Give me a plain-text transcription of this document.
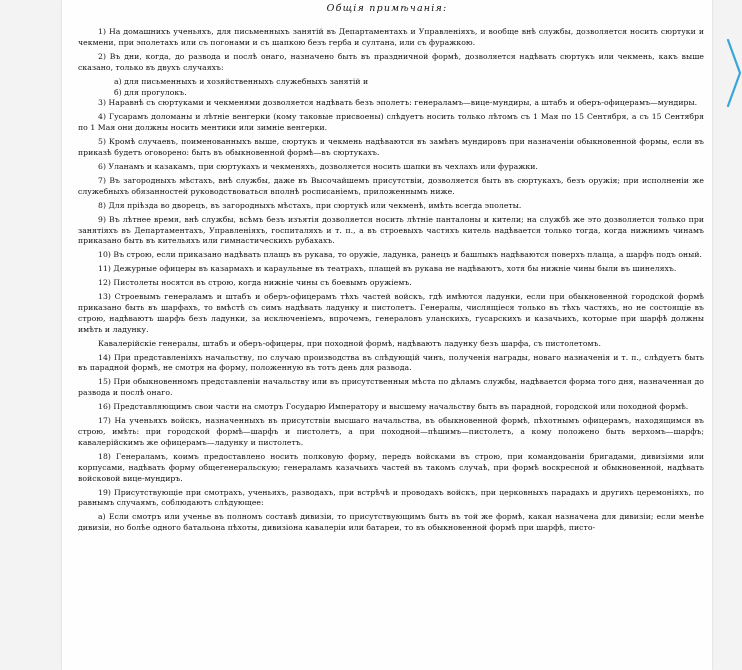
Общія примѣчанія:

1) На домашнихъ ученьяхъ, для письменныхъ занятій въ Департаментахъ и Управленіяхъ, и вообще внѣ службы, дозволяется носить сюртуки и чекмени, при эполетахъ или съ погонами и съ шапкою безъ герба и султана, или съ фуражкою.

2) Въ дни, когда, до развода и послѣ онаго, назначено быть въ праздничной формѣ, дозволяется надѣвать сюртукъ или чекмень, какъ выше сказано, только въ двухъ случаяхъ:

а) для письменныхъ и хозяйственныхъ служебныхъ занятій и

б) для прогулокъ.

3) Наравнѣ съ сюртуками и чекменями дозволяется надѣвать безъ эполетъ: генераламъ—вице-мундиры, а штабъ и оберъ-офицерамъ—мундиры.

4) Гусарамъ доломаны и лѣтніе венгерки (кому таковые присвоены) слѣдуетъ носить только лѣтомъ съ 1 Мая по 15 Сентября, а съ 15 Сентября по 1 Мая они должны носить ментики или зимніе венгерки.

5) Кромѣ случаевъ, поименованныхъ выше, сюртукъ и чекмень надѣваются въ замѣнъ мундировъ при назначеніи обыкновенной формы, если въ приказѣ будетъ оговорено: быть въ обыкновенной формѣ—въ сюртукахъ.

6) Уланамъ и казакамъ, при сюртукахъ и чекменяхъ, дозволяется носить шапки въ чехлахъ или фуражки.

7) Въ загородныхъ мѣстахъ, внѣ службы, даже въ Высочайшемъ присутствіи, дозволяется быть въ сюртукахъ, безъ оружія; при исполненіи же служебныхъ обязанностей руководствоваться вполнѣ росписаніемъ, приложеннымъ ниже.

8) Для пріѣзда во дворецъ, въ загородныхъ мѣстахъ, при сюртукѣ или чекменѣ, имѣть всегда эполеты.

9) Въ лѣтнее время, внѣ службы, всѣмъ безъ изъятія дозволяется носить лѣтніе панталоны и кители; на службѣ же это дозволяется только при занятіяхъ въ Департаментахъ, Управленіяхъ, госпиталяхъ и т. п., а въ строевыхъ частяхъ китель надѣвается только тогда, когда нижнимъ чинамъ приказано быть въ кительяхъ или гимнастическихъ рубахахъ.

10) Въ строю, если приказано надѣвать плащъ въ рукава, то оружіе, ладунка, ранецъ и башлыкъ надѣваются поверхъ плаща, а шарфъ подъ оный.

11) Дежурные офицеры въ казармахъ и караульные въ театрахъ, плащей въ рукава не надѣваютъ, хотя бы нижніе чины были въ шинеляхъ.

12) Пистолеты носятся въ строю, когда нижніе чины съ боевымъ оружіемъ.

13) Строевымъ генераламъ и штабъ и оберъ-офицерамъ тѣхъ частей войскъ, гдѣ имѣются ладунки, если при обыкновенной городской формѣ приказано быть въ шарфахъ, то вмѣстѣ съ симъ надѣвать ладунку и пистолетъ. Генералы, числящіеся только въ тѣхъ частяхъ, но не состоящіе въ строю, надѣваютъ шарфъ безъ ладунки, за исключеніемъ, впрочемъ, генераловъ уланскихъ, гусарскихъ и казачьихъ, которые при шарфѣ должны имѣть и ладунку.

Кавалерійскіе генералы, штабъ и оберъ-офицеры, при походной формѣ, надѣваютъ ладунку безъ шарфа, съ пистолетомъ.

14) При представленіяхъ начальству, по случаю производства въ слѣдующій чинъ, полученія награды, новаго назначенія и т. п., слѣдуетъ быть въ парадной формѣ, не смотря на форму, положенную въ тотъ день для развода.

15) При обыкновенномъ представленіи начальству или въ присутственныя мѣста по дѣламъ службы, надѣвается форма того дня, назначенная до развода и послѣ онаго.

16) Представляющимъ свои части на смотръ Государю Императору и высшему начальству быть въ парадной, городской или походной формѣ.

17) На ученьяхъ войскъ, назначенныхъ въ присутствіи высшаго начальства, въ обыкновенной формѣ, пѣхотнымъ офицерамъ, находящимся въ строю, имѣть: при городской формѣ—шарфъ и пистолетъ, а при походной—пѣшимъ—пистолетъ, а кому положено быть верхомъ—шарфъ; кавалерійскимъ же офицерамъ—ладунку и пистолетъ.

18) Генераламъ, коимъ предоставлено носить полковую форму, передъ войсками въ строю, при командованіи бригадами, дивизіями или корпусами, надѣвать форму общегенеральскую; генераламъ казачьихъ частей въ такомъ случаѣ, при формѣ воскресной и обыкновенной, надѣвать войсковой вице-мундиръ.

19) Присутствующіе при смотрахъ, ученьяхъ, разводахъ, при встрѣчѣ и проводахъ войскъ, при церковныхъ парадахъ и другихъ церемоніяхъ, по равнымъ случаямъ, соблюдаютъ слѣдующее:

а) Если смотръ или ученье въ полномъ составѣ дивизіи, то присутствующимъ быть въ той же формѣ, какая назначена для дивизіи; если менѣе дивизіи, но болѣе одного батальона пѣхоты, дивизіона кавалеріи или батареи, то въ обыкновенной формѣ при шарфѣ, писто-
